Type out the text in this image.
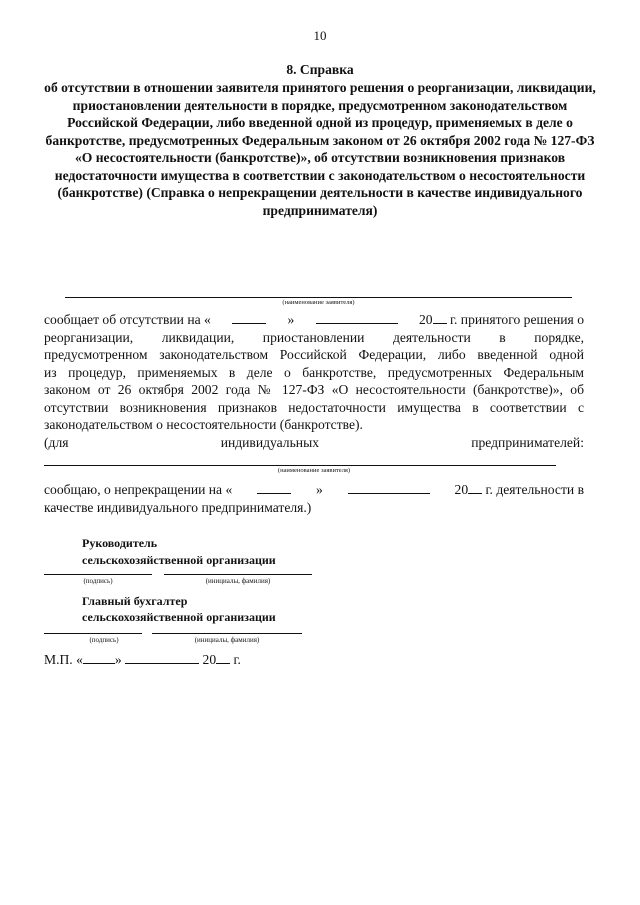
10
8. Справка
об отсутствии в отношении заявителя принятого решения о реорганизации, ликвидации, приостановлении деятельности в порядке, предусмотренном законодательством Российской Федерации, либо введенной одной из процедур, применяемых в деле о банкротстве, предусмотренных Федеральным законом от 26 октября 2002 года № 127-ФЗ «О несостоятельности (банкротстве)», об отсутствии возникновения признаков недостаточности имущества в соответствии с законодательством о несостоятельности (банкротстве) (Справка о непрекращении деятельности в качестве индивидуального предпринимателя)
(наименование заявителя)
сообщает об отсутствии на «	»	20 г. принятого решения о
реорганизации, ликвидации, приостановлении деятельности в порядке,
предусмотренном законодательством Российской Федерации, либо введенной одной
из процедур, применяемых в деле о банкротстве, предусмотренных Федеральным
законом от 26 октября 2002 года № 127-ФЗ «О несостоятельности (банкротстве)», об
отсутствии возникновения признаков недостаточности имущества в соответствии с
законодательством о несостоятельности (банкротстве).
(для	индивидуальных	предпринимателей:
(наименование заявителя)
сообщаю, о непрекращении на «	»	20 г. деятельности в
качестве индивидуального предпринимателя.)
Руководитель
сельскохозяйственной организации
(подпись)	(инициалы, фамилия)
Главный бухгалтер
сельскохозяйственной организации
(подпись)	(инициалы, фамилия)
М.П. « »	20 г.
